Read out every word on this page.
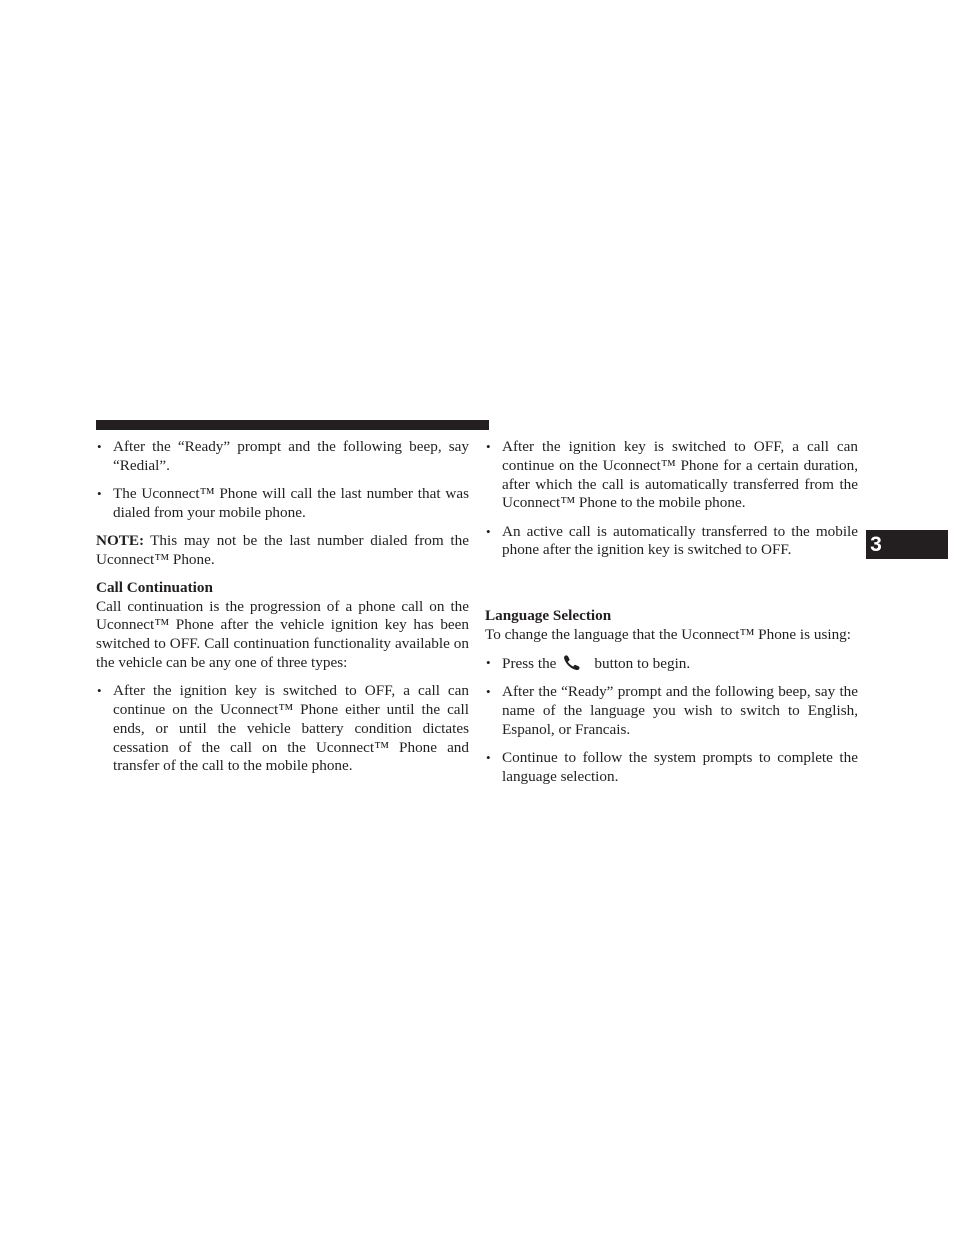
• After the “Ready” prompt and the following beep, say “Redial”.
• The Uconnect™ Phone will call the last number that was dialed from your mobile phone.

NOTE: This may not be the last number dialed from the Uconnect™ Phone.

Call Continuation

Call continuation is the progression of a phone call on the Uconnect™ Phone after the vehicle ignition key has been switched to OFF. Call continuation functionality available on the vehicle can be any one of three types:

• After the ignition key is switched to OFF, a call can continue on the Uconnect™ Phone either until the call ends, or until the vehicle battery condition dictates cessation of the call on the Uconnect™ Phone and transfer of the call to the mobile phone.
• After the ignition key is switched to OFF, a call can continue on the Uconnect™ Phone for a certain duration, after which the call is automatically transferred from the Uconnect™ Phone to the mobile phone.
• An active call is automatically transferred to the mobile phone after the ignition key is switched to OFF.
Language Selection

To change the language that the Uconnect™ Phone is using:

• Press the	button to begin.
• After the “Ready” prompt and the following beep, say the name of the language you wish to switch to English, Espanol, or Francais.
• Continue to follow the system prompts to complete the language selection.
3
